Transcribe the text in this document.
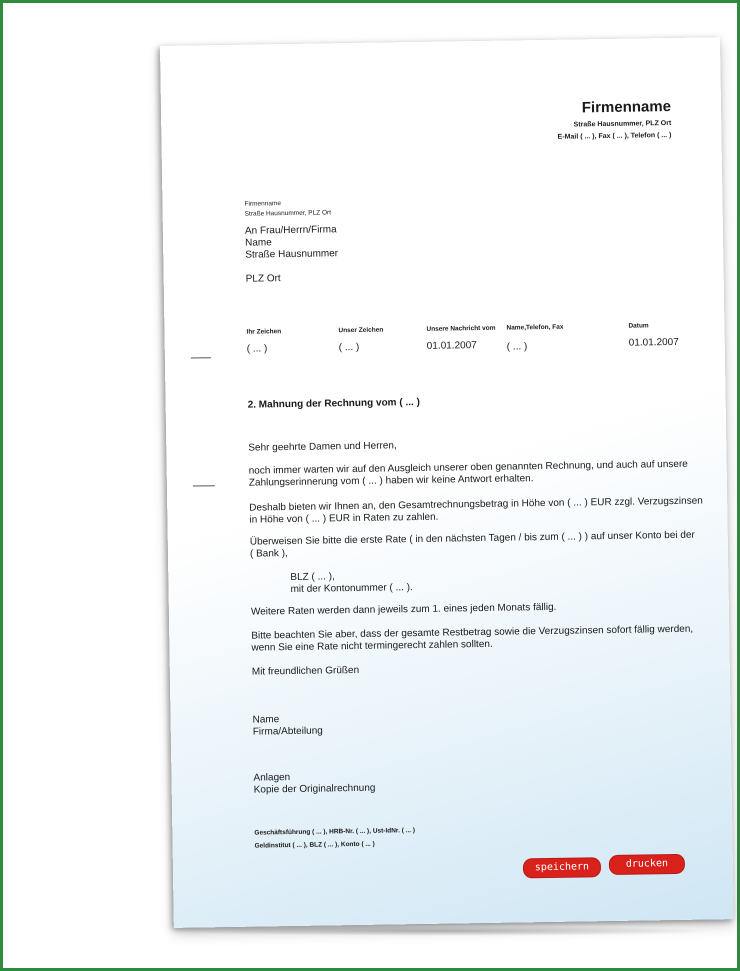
Firmenname
Straße Hausnummer, PLZ Ort
E-Mail ( ... ), Fax ( ... ), Telefon ( ... )
Firmenname
Straße Hausnummer, PLZ Ort
An Frau/Herrn/Firma
Name
Straße Hausnummer
PLZ Ort
Ihr Zeichen
( ... )
Unser Zeichen
( ... )
Unsere Nachricht vom
01.01.2007
Name,Telefon, Fax
( ... )
Datum
01.01.2007
2. Mahnung der Rechnung vom ( ... )
Sehr geehrte Damen und Herren,
noch immer warten wir auf den Ausgleich unserer oben genannten Rechnung, und auch auf unsere
Zahlungserinnerung vom ( ... ) haben wir keine Antwort erhalten.
Deshalb bieten wir Ihnen an, den Gesamtrechnungsbetrag in Höhe von ( ... ) EUR zzgl. Verzugszinsen
in Höhe von ( ... ) EUR in Raten zu zahlen.
Überweisen Sie bitte die erste Rate ( in den nächsten Tagen / bis zum ( ... ) ) auf unser Konto bei der
( Bank ),
BLZ ( ... ),
mit der Kontonummer ( ... ).
Weitere Raten werden dann jeweils zum 1. eines jeden Monats fällig.
Bitte beachten Sie aber, dass der gesamte Restbetrag sowie die Verzugszinsen sofort fällig werden,
wenn Sie eine Rate nicht termingerecht zahlen sollten.
Mit freundlichen Grüßen
Name
Firma/Abteilung
Anlagen
Kopie der Originalrechnung
Geschäftsführung ( ... ), HRB-Nr. ( ... ), Ust-IdNr. ( ... )
Geldinstitut ( ... ), BLZ ( ... ), Konto ( ... )
speichern	drucken
